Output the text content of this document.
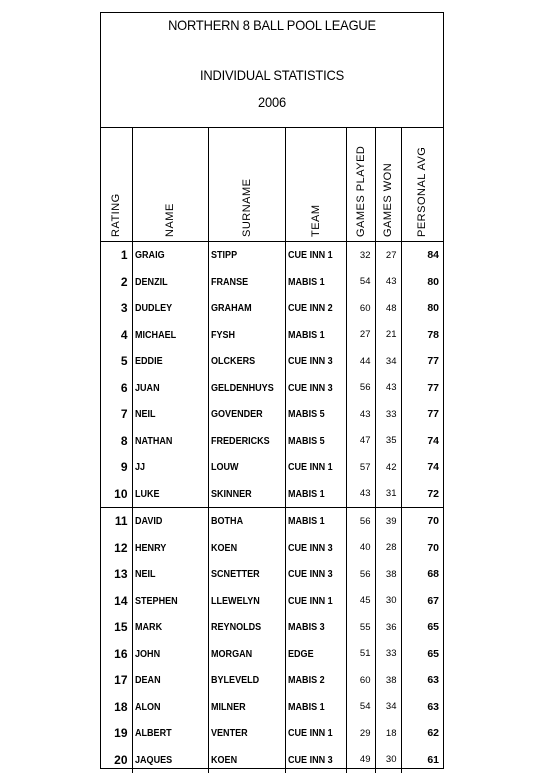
NORTHERN 8 BALL POOL LEAGUE
INDIVIDUAL STATISTICS
2006
RATING	NAME	SURNAME	TEAM	GAMES PLAYED	GAMES WON	PERSONAL AVG

1	GRAIG	STIPP	CUE INN 1	32	27	84
2	DENZIL	FRANSE	MABIS 1	54	43	80
3	DUDLEY	GRAHAM	CUE INN 2	60	48	80
4	MICHAEL	FYSH	MABIS 1	27	21	78
5	EDDIE	OLCKERS	CUE INN 3	44	34	77
6	JUAN	GELDENHUYS	CUE INN 3	56	43	77
7	NEIL	GOVENDER	MABIS 5	43	33	77
8	NATHAN	FREDERICKS	MABIS 5	47	35	74
9	JJ	LOUW	CUE INN 1	57	42	74
10	LUKE	SKINNER	MABIS 1	43	31	72
11	DAVID	BOTHA	MABIS 1	56	39	70
12	HENRY	KOEN	CUE INN 3	40	28	70
13	NEIL	SCNETTER	CUE INN 3	56	38	68
14	STEPHEN	LLEWELYN	CUE INN 1	45	30	67
15	MARK	REYNOLDS	MABIS 3	55	36	65
16	JOHN	MORGAN	EDGE	51	33	65
17	DEAN	BYLEVELD	MABIS 2	60	38	63
18	ALON	MILNER	MABIS 1	54	34	63
19	ALBERT	VENTER	CUE INN 1	29	18	62
20	JAQUES	KOEN	CUE INN 3	49	30	61
